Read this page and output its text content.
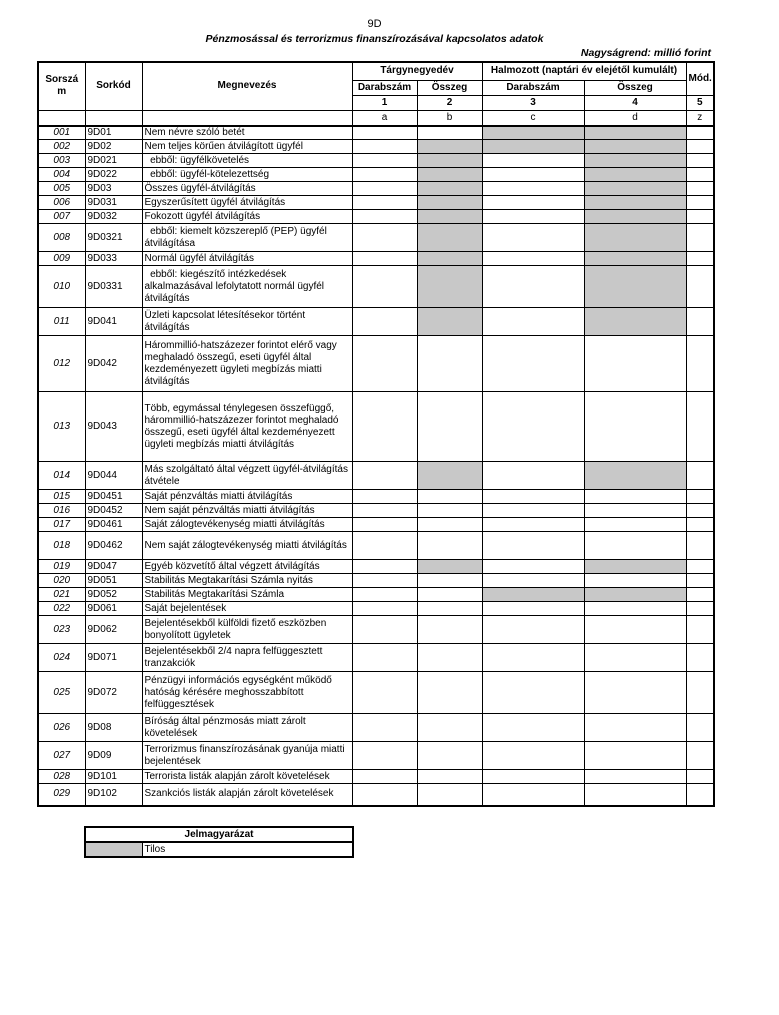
9D
Pénzmosással és terrorizmus finanszírozásával kapcsolatos adatok
Nagyságrend: millió forint
Sorszá m	Sorkód	Megnevezés	Tárgynegyedév		Halmozott (naptári év elejétől kumulált)		Mód.
			Darabszám	Összeg	Darabszám	Összeg	
			1	2	3	4	5
			a	b	c	d	z
001	9D01	Nem névre szóló betét					
002	9D02	Nem teljes körűen átvilágított ügyfél					
003	9D021	ebből: ügyfélkövetelés					
004	9D022	ebből: ügyfél-kötelezettség					
005	9D03	Összes ügyfél-átvilágítás					
006	9D031	Egyszerűsített ügyfél átvilágítás					
007	9D032	Fokozott ügyfél átvilágítás					
008	9D0321	ebből: kiemelt közszereplő (PEP) ügyfél átvilágítása					
009	9D033	Normál ügyfél átvilágítás					
010	9D0331	ebből: kiegészítő intézkedések alkalmazásával lefolytatott normál ügyfél átvilágítás					
011	9D041	Üzleti kapcsolat létesítésekor történt átvilágítás					
012	9D042	Hárommillió-hatszázezer forintot elérő vagy meghaladó összegű, eseti ügyfél által kezdeményezett ügyleti megbízás miatti átvilágítás					
013	9D043	Több, egymással ténylegesen összefüggő, hárommillió-hatszázezer forintot meghaladó összegű, eseti ügyfél által kezdeményezett ügyleti megbízás miatti átvilágítás					
014	9D044	Más szolgáltató által végzett ügyfél-átvilágítás átvétele					
015	9D0451	Saját pénzváltás miatti átvilágítás					
016	9D0452	Nem saját pénzváltás miatti átvilágítás					
017	9D0461	Saját zálogtevékenység miatti átvilágítás					
018	9D0462	Nem saját zálogtevékenység miatti átvilágítás					
019	9D047	Egyéb közvetítő által végzett átvilágítás					
020	9D051	Stabilitás Megtakarítási Számla nyitás					
021	9D052	Stabilitás Megtakarítási Számla					
022	9D061	Saját bejelentések					
023	9D062	Bejelentésekből külföldi fizető eszközben bonyolított ügyletek					
024	9D071	Bejelentésekből 2/4 napra felfüggesztett tranzakciók					
025	9D072	Pénzügyi információs egységként működő hatóság kérésére meghosszabbított felfüggesztések					
026	9D08	Bíróság által pénzmosás miatt zárolt követelések					
027	9D09	Terrorizmus finanszírozásának gyanúja miatti bejelentések					
028	9D101	Terrorista listák alapján zárolt követelések					
029	9D102	Szankciós listák alapján zárolt követelések					
Jelmagyarázat
	Tilos
